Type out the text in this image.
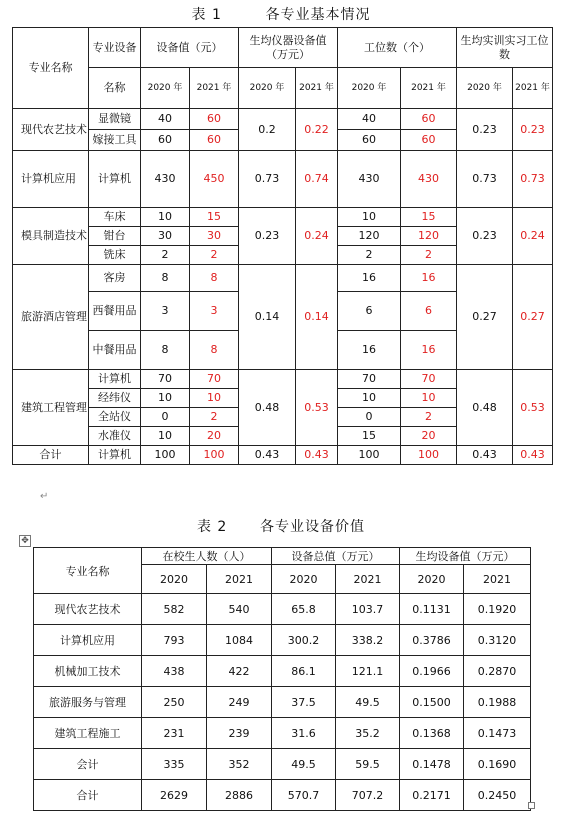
表 1        各专业基本情况
专业名称	专业设备	设备值（元）		生均仪器设备值（万元）		工位数（个）		生均实训实习工位数	
	名称	2020 年	2021 年	2020 年	2021 年	2020 年	2021 年	2020 年	2021 年
现代农艺技术	显微镜	40	60	0.2	0.22	40	60	0.23	0.23
	嫁接工具	60	60			60	60		
计算机应用	计算机	430	450	0.73	0.74	430	430	0.73	0.73
模具制造技术	车床	10	15	0.23	0.24	10	15	0.23	0.24
	钳台	30	30			120	120		
	铣床	2	2			2	2		
旅游酒店管理	客房	8	8	0.14	0.14	16	16	0.27	0.27
	西餐用品	3	3			6	6		
	中餐用品	8	8			16	16		
建筑工程管理	计算机	70	70	0.48	0.53	70	70	0.48	0.53
	经纬仪	10	10			10	10		
	全站仪	0	2			0	2		
	水准仪	10	20			15	20		
合计	计算机	100	100	0.43	0.43	100	100	0.43	0.43
↵
表 2      各专业设备价值
✥
专业名称	在校生人数（人）		设备总值（万元）		生均设备值（万元）	
	2020	2021	2020	2021	2020	2021
现代农艺技术	582	540	65.8	103.7	0.1131	0.1920
计算机应用	793	1084	300.2	338.2	0.3786	0.3120
机械加工技术	438	422	86.1	121.1	0.1966	0.2870
旅游服务与管理	250	249	37.5	49.5	0.1500	0.1988
建筑工程施工	231	239	31.6	35.2	0.1368	0.1473
会计	335	352	49.5	59.5	0.1478	0.1690
合计	2629	2886	570.7	707.2	0.2171	0.2450
